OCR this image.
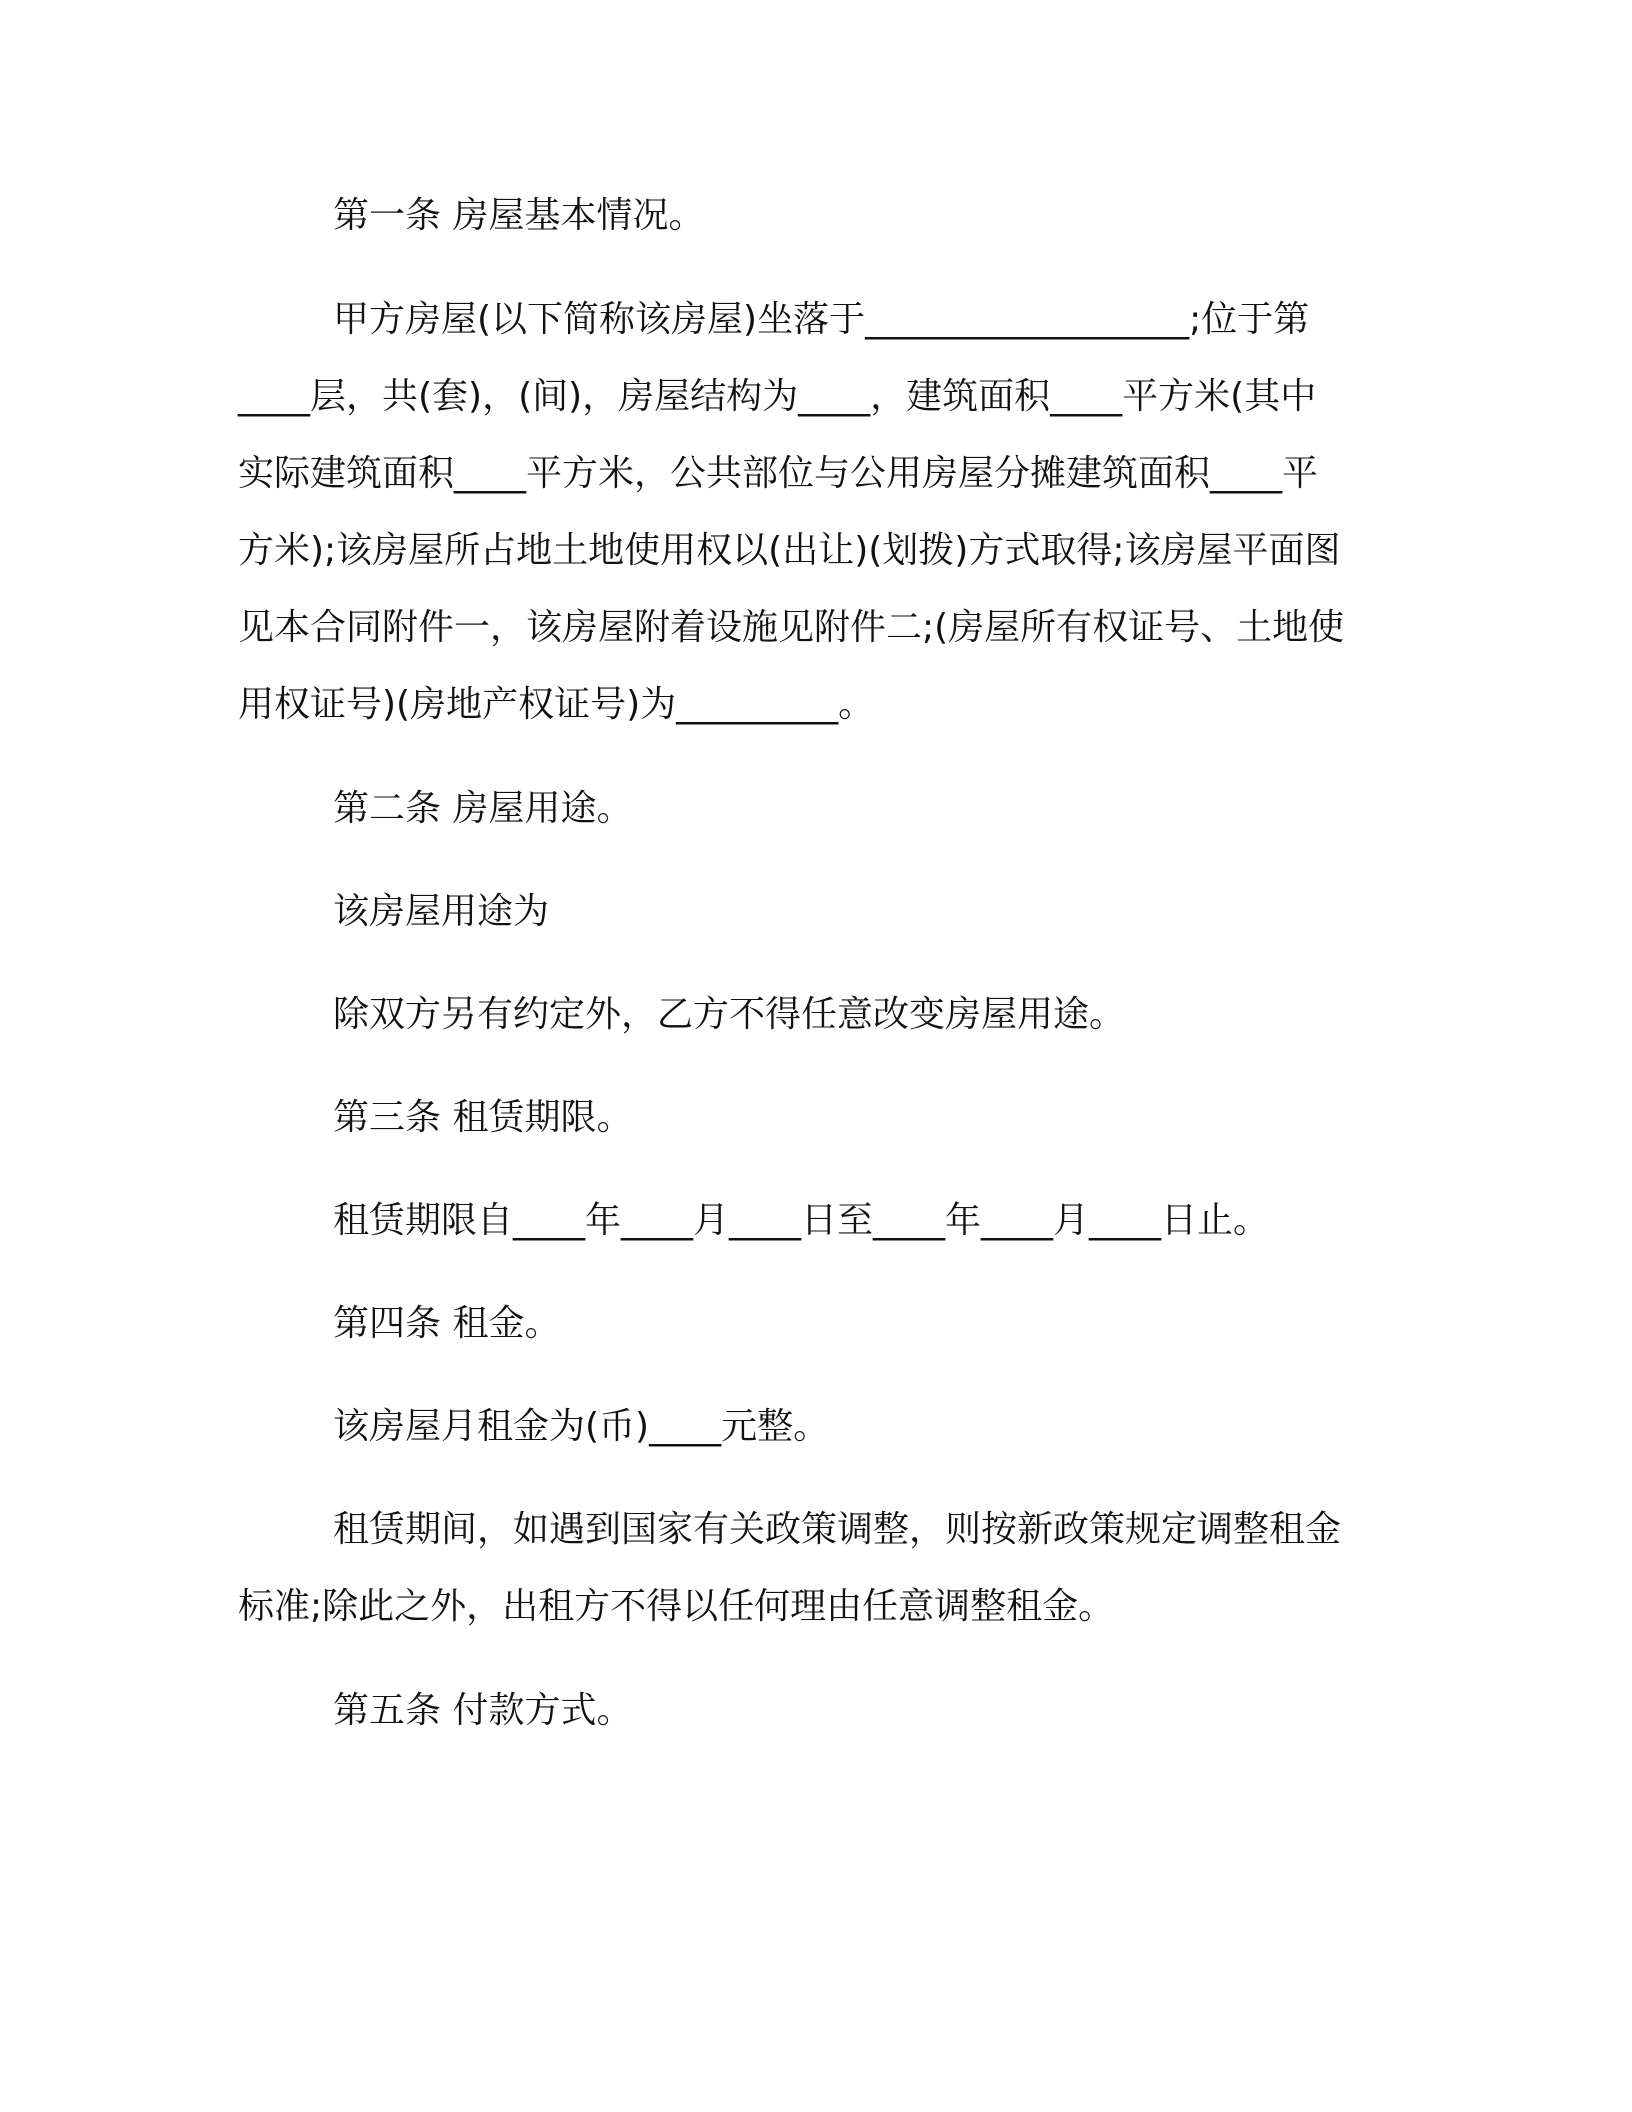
第一条 房屋基本情况。

甲方房屋(以下简称该房屋)坐落于__________________;位于第

____层，共(套)，(间)，房屋结构为____，建筑面积____平方米(其中

实际建筑面积____平方米，公共部位与公用房屋分摊建筑面积____平

方米);该房屋所占地土地使用权以(出让)(划拨)方式取得;该房屋平面图

见本合同附件一，该房屋附着设施见附件二;(房屋所有权证号、土地使

用权证号)(房地产权证号)为_________。

第二条 房屋用途。

该房屋用途为

除双方另有约定外，乙方不得任意改变房屋用途。

第三条 租赁期限。

租赁期限自____年____月____日至____年____月____日止。

第四条 租金。

该房屋月租金为(币)____元整。

租赁期间，如遇到国家有关政策调整，则按新政策规定调整租金

标准;除此之外，出租方不得以任何理由任意调整租金。

第五条 付款方式。
